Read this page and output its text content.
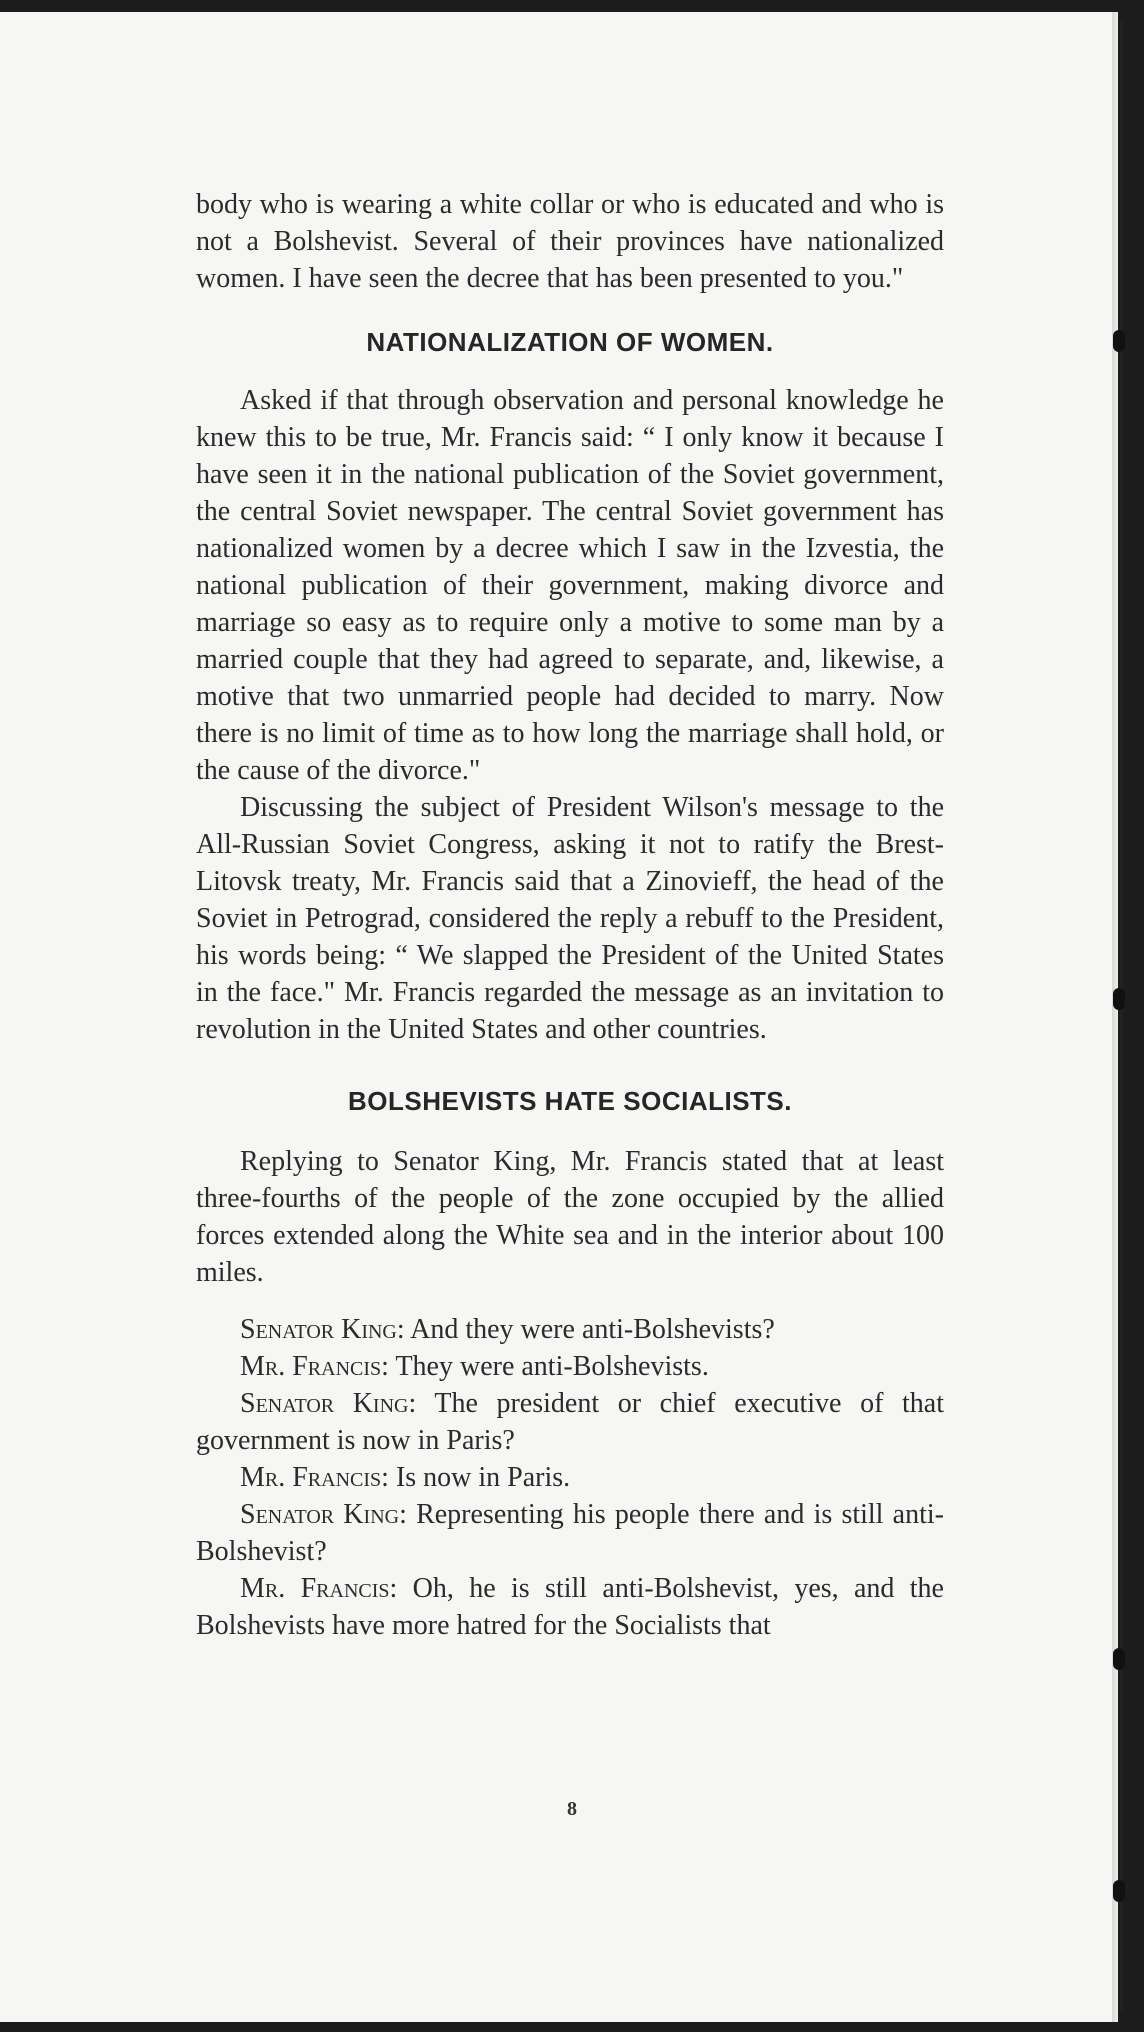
body who is wearing a white collar or who is educated and who is not a Bolshevist. Several of their provinces have nationalized women. I have seen the decree that has been presented to you."

NATIONALIZATION OF WOMEN.

Asked if that through observation and personal knowledge he knew this to be true, Mr. Francis said: “ I only know it because I have seen it in the national publication of the Soviet government, the central Soviet newspaper. The central Soviet government has nationalized women by a decree which I saw in the Izvestia, the national publication of their government, making divorce and marriage so easy as to require only a motive to some man by a married couple that they had agreed to separate, and, likewise, a motive that two unmarried people had decided to marry. Now there is no limit of time as to how long the marriage shall hold, or the cause of the divorce."

Discussing the subject of President Wilson's message to the All-Russian Soviet Congress, asking it not to ratify the Brest-Litovsk treaty, Mr. Francis said that a Zinovieff, the head of the Soviet in Petrograd, considered the reply a rebuff to the President, his words being: “ We slapped the President of the United States in the face." Mr. Francis regarded the message as an invitation to revolution in the United States and other countries.

BOLSHEVISTS HATE SOCIALISTS.

Replying to Senator King, Mr. Francis stated that at least three-fourths of the people of the zone occupied by the allied forces extended along the White sea and in the interior about 100 miles.

Senator King: And they were anti-Bolshevists?

Mr. Francis: They were anti-Bolshevists.

Senator King: The president or chief executive of that government is now in Paris?

Mr. Francis: Is now in Paris.

Senator King: Representing his people there and is still anti-Bolshevist?

Mr. Francis: Oh, he is still anti-Bolshevist, yes, and the Bolshevists have more hatred for the Socialists that

8
